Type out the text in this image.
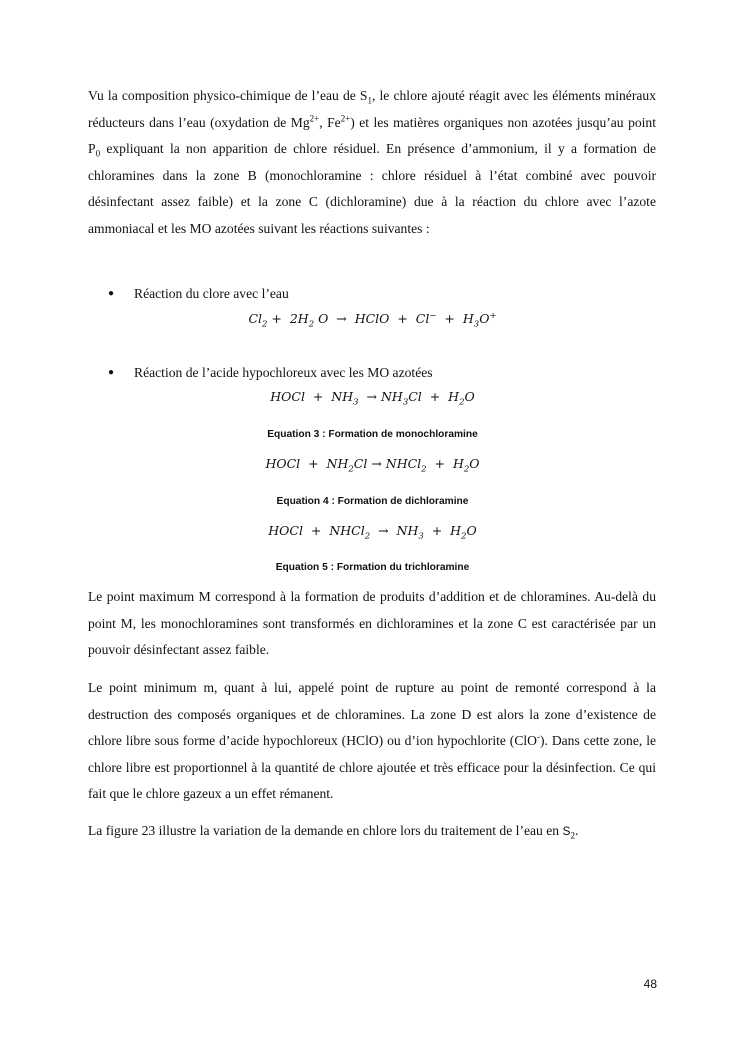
Vu la composition physico-chimique de l’eau de $S_1$, le chlore ajouté réagit avec les éléments minéraux réducteurs dans l’eau (oxydation de $Mg^{2+}$, $Fe^{2+}$) et les matières organiques non azotées jusqu’au point $P_0$ expliquant la non apparition de chlore résiduel. En présence d’ammonium, il y a formation de chloramines dans la zone B (monochloramine : chlore résiduel à l’état combiné avec pouvoir désinfectant assez faible) et la zone C (dichloramine) due à la réaction du chlore avec l’azote ammoniacal et les MO azotées suivant les réactions suivantes :

● Réaction du clore avec l’eau
$Cl_2 + 2H_2$ O  →  HClO  +  $Cl^- + H_3O^+$
● Réaction de l’acide hypochloreux avec les MO azotées
HOCl  +  $NH_3 \to NH_3Cl + H_2O$
Equation 3 : Formation de monochloramine
HOCl  +  $NH_2Cl$ → NHCl$_2$  +  $H_2O$
Equation 4 : Formation de dichloramine
HOCl  +  NHCl$_2$  →  $NH_3 + H_2O$
Equation 5 : Formation du trichloramine

Le point maximum M correspond à la formation de produits d’addition et de chloramines. Au-delà du point M, les monochloramines sont transformés en dichloramines et la zone C est caractérisée par un pouvoir désinfectant assez faible.

Le point minimum m, quant à lui, appelé point de rupture au point de remonté correspond à la destruction des composés organiques et de chloramines. La zone D est alors la zone d’existence de chlore libre sous forme d’acide hypochloreux (HClO) ou d’ion hypochlorite (ClO-). Dans cette zone, le chlore libre est proportionnel à la quantité de chlore ajoutée et très efficace pour la désinfection. Ce qui fait que le chlore gazeux a un effet rémanent.

La figure 23 illustre la variation de la demande en chlore lors du traitement de l’eau en $S_2$.

48
